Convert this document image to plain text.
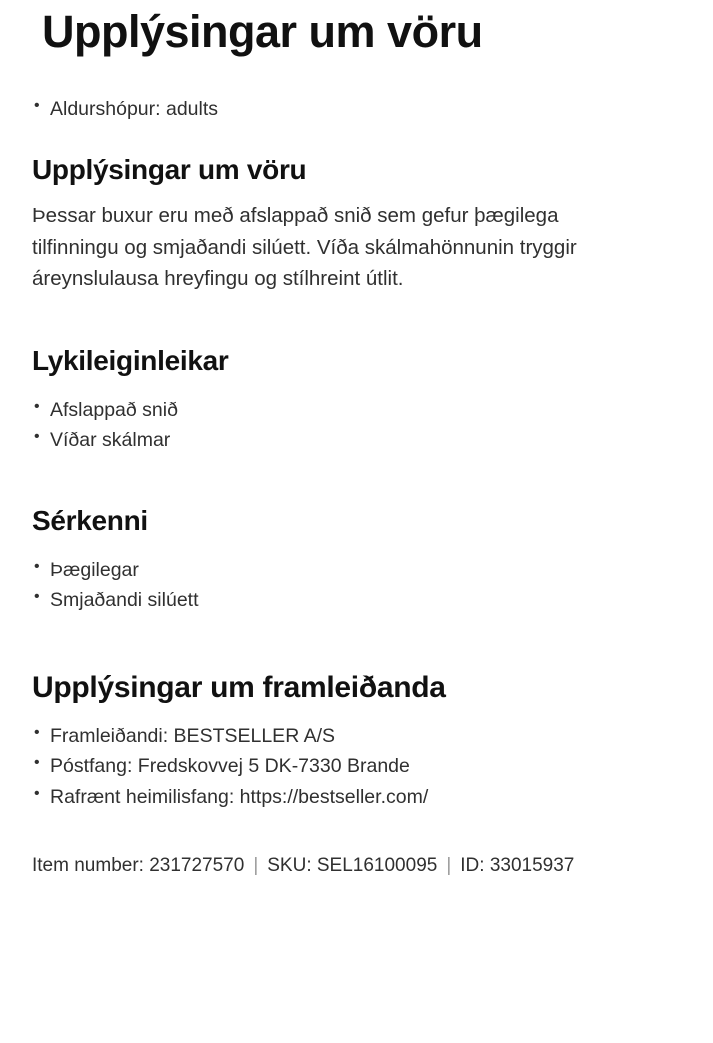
Upplýsingar um vöru
• Aldurshópur: adults
Upplýsingar um vöru

Þessar buxur eru með afslappað snið sem gefur þægilega tilfinningu og smjaðandi silúett. Víða skálmahönnunin tryggir áreynslulausa hreyfingu og stílhreint útlit.

Lykileiginleikar
• Afslappað snið
• Víðar skálmar
Sérkenni
• Þægilegar
• Smjaðandi silúett
Upplýsingar um framleiðanda
• Framleiðandi: BESTSELLER A/S
• Póstfang: Fredskovvej 5 DK-7330 Brande
• Rafrænt heimilisfang: https://bestseller.com/
Item number: 231727570 | SKU: SEL16100095 | ID: 33015937
